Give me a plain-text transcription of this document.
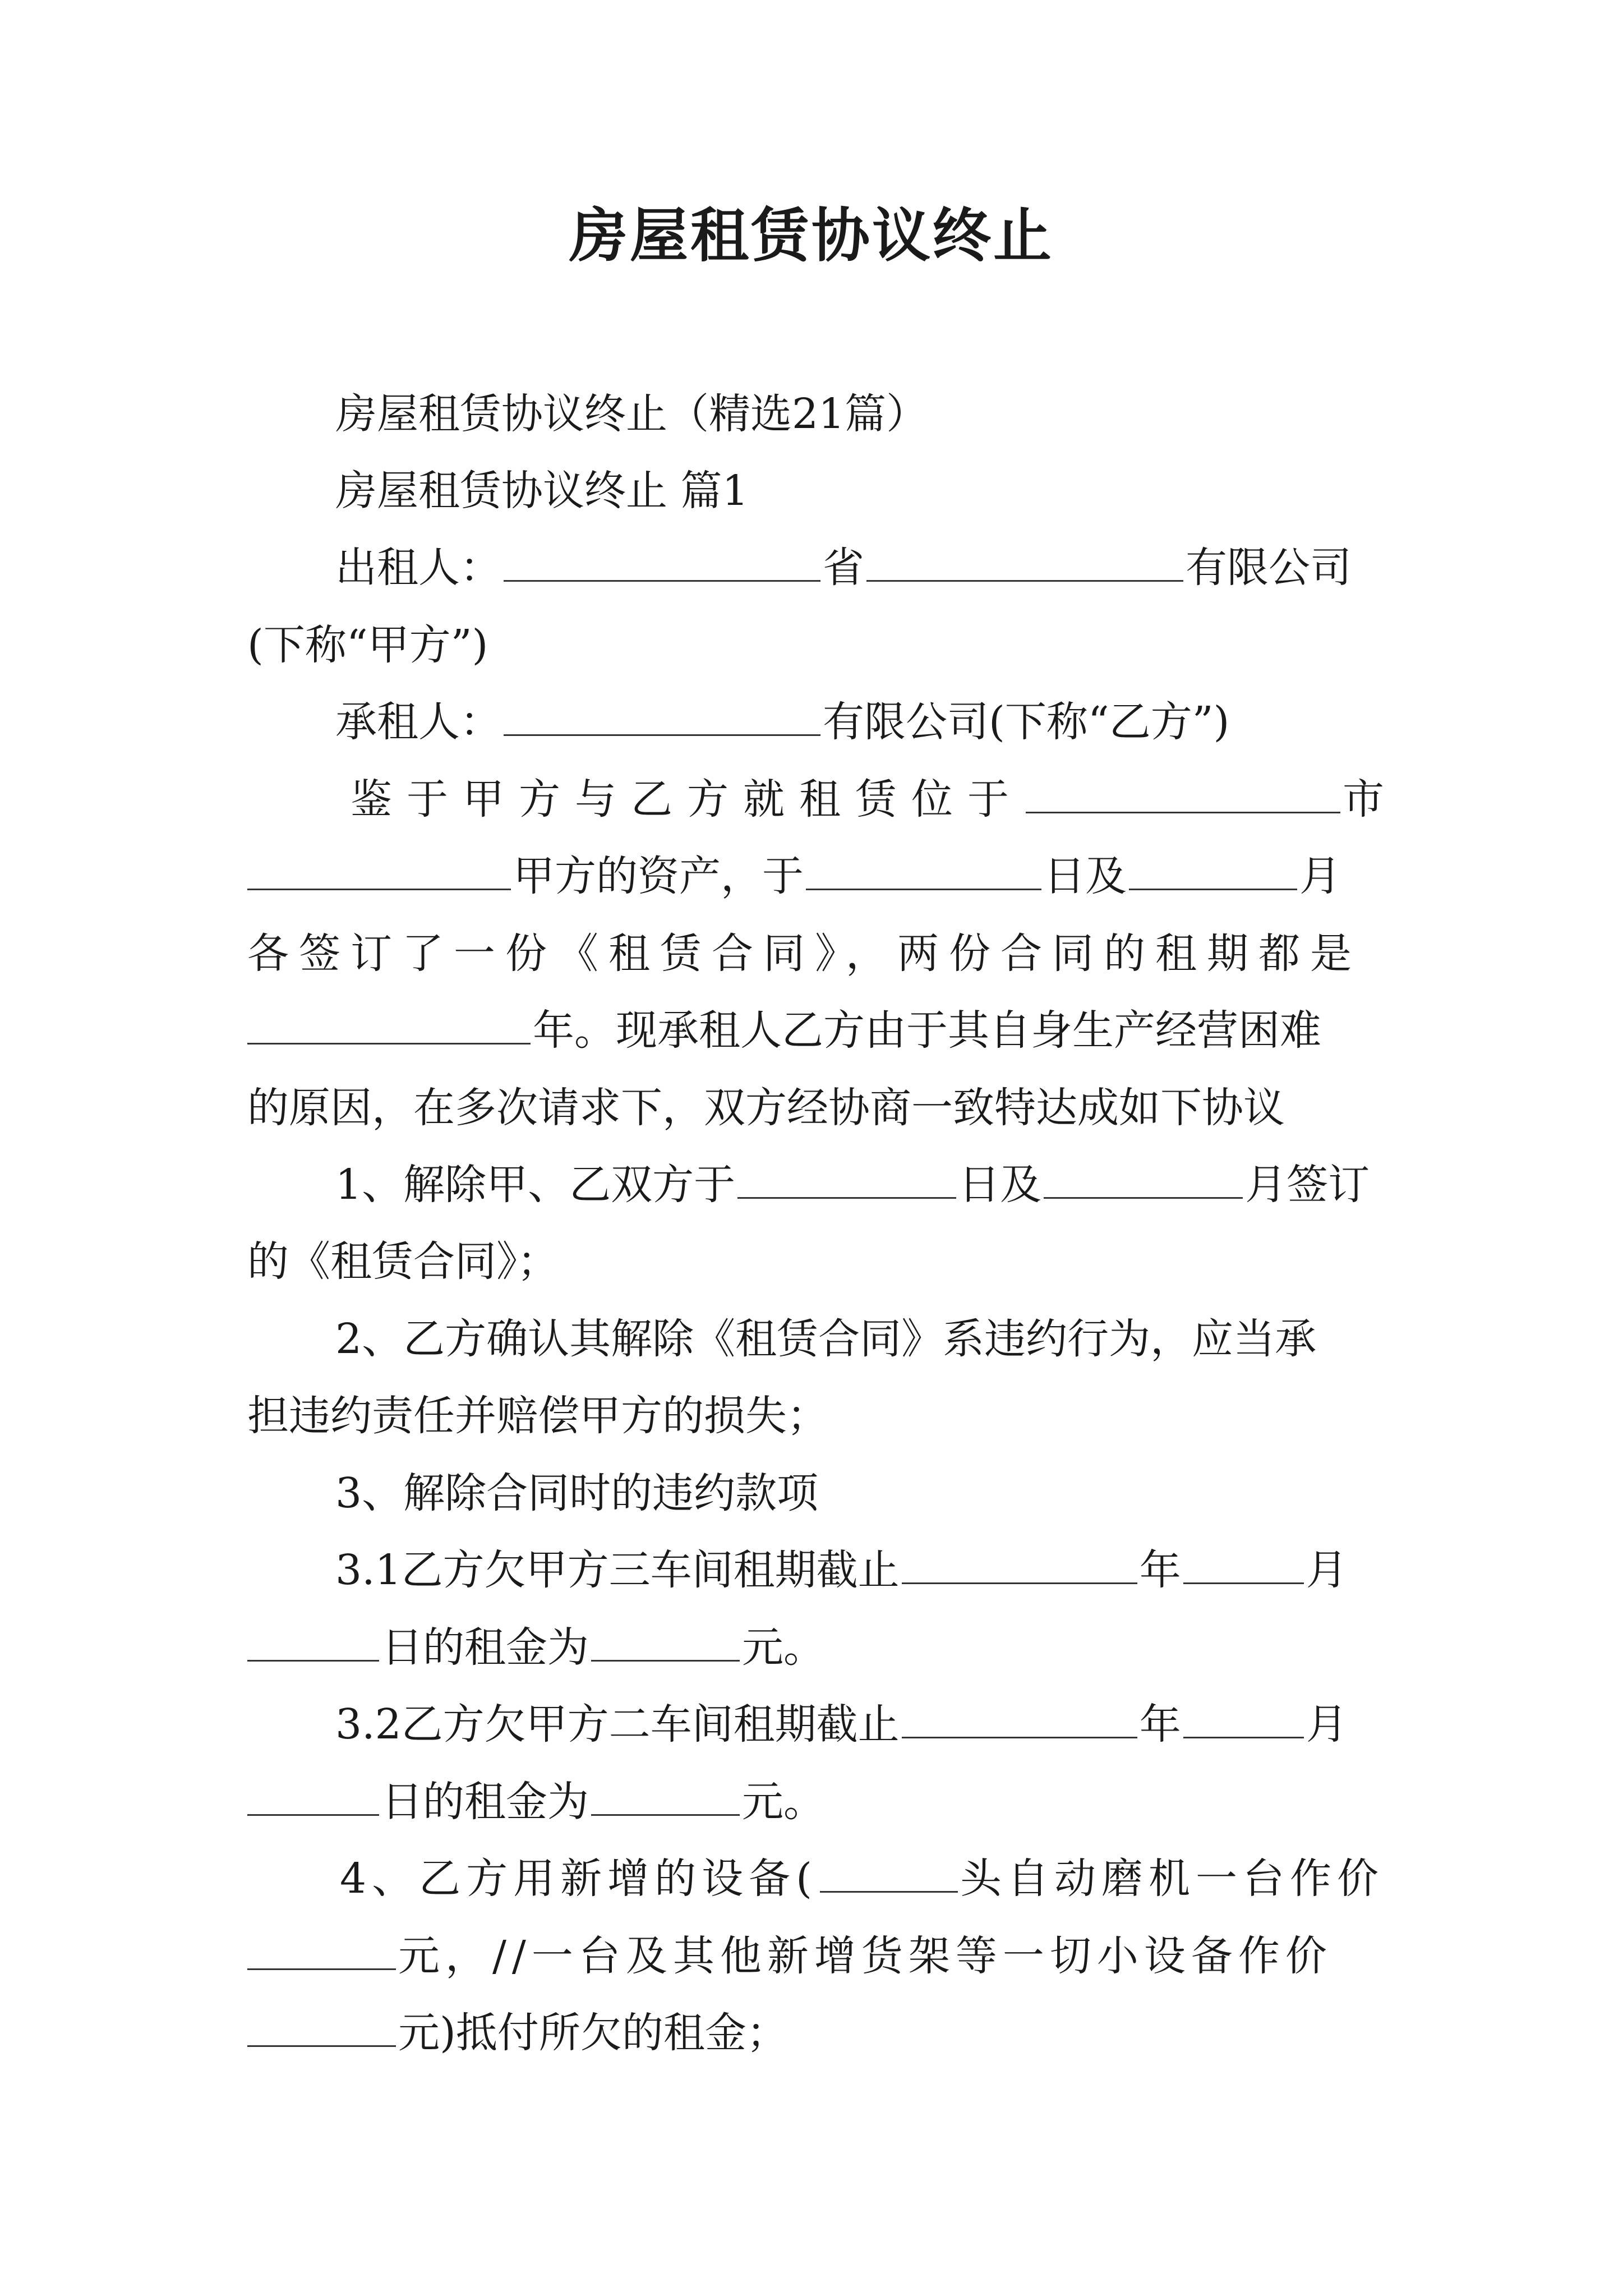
房屋租赁协议终止
房屋租赁协议终止（精选21篇）
房屋租赁协议终止 篇1
出租人：	省	有限公司
(下称“甲方”)
承租人：	有限公司(下称“乙方”)
鉴于甲方与乙方就租赁位于	市
甲方的资产，于	日及	月
各签订了一份《租赁合同》，两份合同的租期都是
年。现承租人乙方由于其自身生产经营困难
的原因，在多次请求下，双方经协商一致特达成如下协议
1、解除甲、乙双方于	日及	月签订
的《租赁合同》；
2、乙方确认其解除《租赁合同》系违约行为，应当承
担违约责任并赔偿甲方的损失；
3、解除合同时的违约款项
3.1乙方欠甲方三车间租期截止	年	月
日的租金为	元。
3.2乙方欠甲方二车间租期截止	年	月
日的租金为	元。
4、乙方用新增的设备(	头自动磨机一台作价
元，//一台及其他新增货架等一切小设备作价
元)抵付所欠的租金；
